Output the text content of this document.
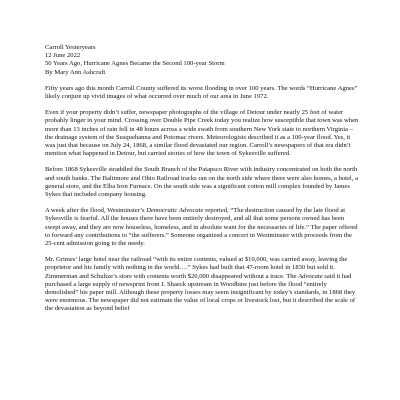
Carroll Yesteryears

12 June 2022

50 Years Ago, Hurricane Agnes Became the Second 100-year Storm

By Mary Ann Ashcraft

Fifty years ago this month Carroll County suffered its worst flooding in over 100 years. The words “Hurricane Agnes” likely conjure up vivid images of what occurred over much of our area in June 1972.

Even if your property didn’t suffer, newspaper photographs of the village of Detour under nearly 25 feet of water probably linger in your mind. Crossing over Double Pipe Creek today you realize how susceptible that town was when more than 13 inches of rain fell in 48 hours across a wide swath from southern New York state to northern Virginia – the drainage system of the Susquehanna and Potomac rivers. Meteorologists described it as a 100-year flood. Yes, it was just that because on July 24, 1868, a similar flood devastated our region. Carroll’s newspapers of that era didn’t mention what happened in Detour, but carried stories of how the town of Sykesville suffered.

Before 1868 Sykesville straddled the South Branch of the Patapsco River with industry concentrated on both the north and south banks. The Baltimore and Ohio Railroad tracks ran on the north side where there were also homes, a hotel, a general store, and the Elba Iron Furnace. On the south side was a significant cotton mill complex founded by James Sykes that included company housing.

A week after the flood, Westminster’s Democratic Advocate reported, “The destruction caused by the late flood at Sykesville is fearful. All the houses there have been entirely destroyed, and all that some persons owned has been swept away, and they are now houseless, homeless, and in absolute want for the necessaries of life.” The paper offered to forward any contributions to “the sufferers.” Someone organized a concert in Westminster with proceeds from the 25-cent admission going to the needy.

Mr. Grimes’ large hotel near the railroad “with its entire contents, valued at $10,000, was carried away, leaving the proprietor and his family with nothing in the world….” Sykes had built that 47-room hotel in 1830 but sold it. Zimmerman and Schultze’s store with contents worth $20,000 disappeared without a trace. The Advocate said it had purchased a large supply of newsprint from J. Shaeck upstream in Woodbine just before the flood “entirely demolished” his paper mill. Although these property losses may seem insignificant by today’s standards, in 1868 they were enormous. The newspaper did not estimate the value of local crops or livestock lost, but it described the scale of the devastation as beyond belief
